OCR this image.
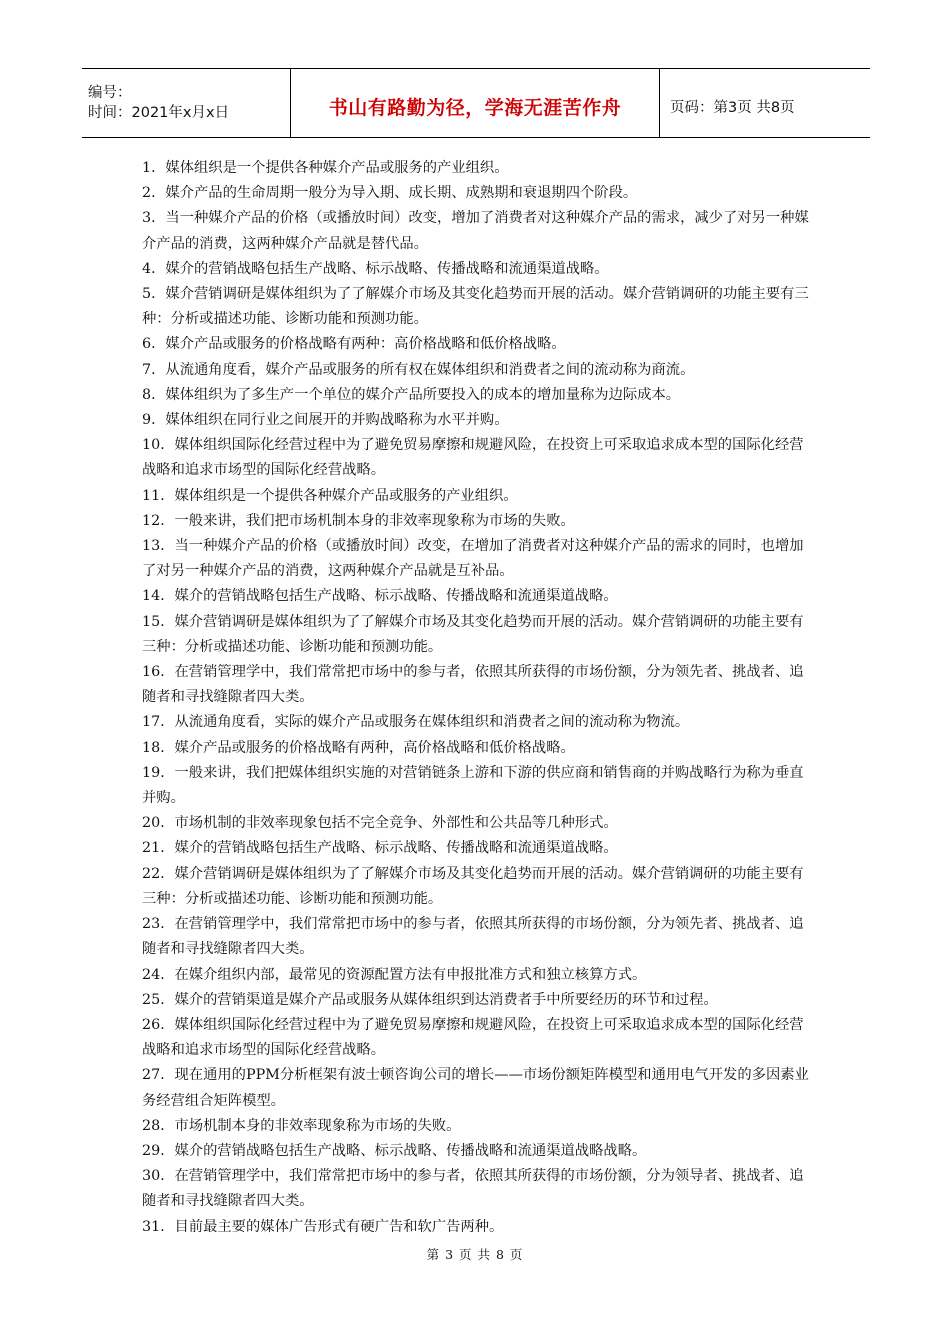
编号：
时间：2021年x月x日	书山有路勤为径，学海无涯苦作舟	页码：第3页 共8页

1．媒体组织是一个提供各种媒介产品或服务的产业组织。

2．媒介产品的生命周期一般分为导入期、成长期、成熟期和衰退期四个阶段。

3．当一种媒介产品的价格（或播放时间）改变，增加了消费者对这种媒介产品的需求，减少了对另一种媒介产品的消费，这两种媒介产品就是替代品。

4．媒介的营销战略包括生产战略、标示战略、传播战略和流通渠道战略。

5．媒介营销调研是媒体组织为了了解媒介市场及其变化趋势而开展的活动。媒介营销调研的功能主要有三种：分析或描述功能、诊断功能和预测功能。

6．媒介产品或服务的价格战略有两种：高价格战略和低价格战略。

7．从流通角度看，媒介产品或服务的所有权在媒体组织和消费者之间的流动称为商流。

8．媒体组织为了多生产一个单位的媒介产品所要投入的成本的增加量称为边际成本。

9．媒体组织在同行业之间展开的并购战略称为水平并购。

10．媒体组织国际化经营过程中为了避免贸易摩擦和规避风险，在投资上可采取追求成本型的国际化经营战略和追求市场型的国际化经营战略。

11．媒体组织是一个提供各种媒介产品或服务的产业组织。

12．一般来讲，我们把市场机制本身的非效率现象称为市场的失败。

13．当一种媒介产品的价格（或播放时间）改变，在增加了消费者对这种媒介产品的需求的同时，也增加了对另一种媒介产品的消费，这两种媒介产品就是互补品。

14．媒介的营销战略包括生产战略、标示战略、传播战略和流通渠道战略。

15．媒介营销调研是媒体组织为了了解媒介市场及其变化趋势而开展的活动。媒介营销调研的功能主要有三种：分析或描述功能、诊断功能和预测功能。

16．在营销管理学中，我们常常把市场中的参与者，依照其所获得的市场份额，分为领先者、挑战者、追随者和寻找缝隙者四大类。

17．从流通角度看，实际的媒介产品或服务在媒体组织和消费者之间的流动称为物流。

18．媒介产品或服务的价格战略有两种，高价格战略和低价格战略。

19．一般来讲，我们把媒体组织实施的对营销链条上游和下游的供应商和销售商的并购战略行为称为垂直并购。

20．市场机制的非效率现象包括不完全竞争、外部性和公共品等几种形式。

21．媒介的营销战略包括生产战略、标示战略、传播战略和流通渠道战略。

22．媒介营销调研是媒体组织为了了解媒介市场及其变化趋势而开展的活动。媒介营销调研的功能主要有三种：分析或描述功能、诊断功能和预测功能。

23．在营销管理学中，我们常常把市场中的参与者，依照其所获得的市场份额，分为领先者、挑战者、追随者和寻找缝隙者四大类。

24．在媒介组织内部，最常见的资源配置方法有申报批准方式和独立核算方式。

25．媒介的营销渠道是媒介产品或服务从媒体组织到达消费者手中所要经历的环节和过程。

26．媒体组织国际化经营过程中为了避免贸易摩擦和规避风险，在投资上可采取追求成本型的国际化经营战略和追求市场型的国际化经营战略。

27．现在通用的PPM分析框架有波士顿咨询公司的增长——市场份额矩阵模型和通用电气开发的多因素业务经营组合矩阵模型。

28．市场机制本身的非效率现象称为市场的失败。

29．媒介的营销战略包括生产战略、标示战略、传播战略和流通渠道战略战略。

30．在营销管理学中，我们常常把市场中的参与者，依照其所获得的市场份额，分为领导者、挑战者、追随者和寻找缝隙者四大类。

31．目前最主要的媒体广告形式有硬广告和软广告两种。

第 3 页 共 8 页
